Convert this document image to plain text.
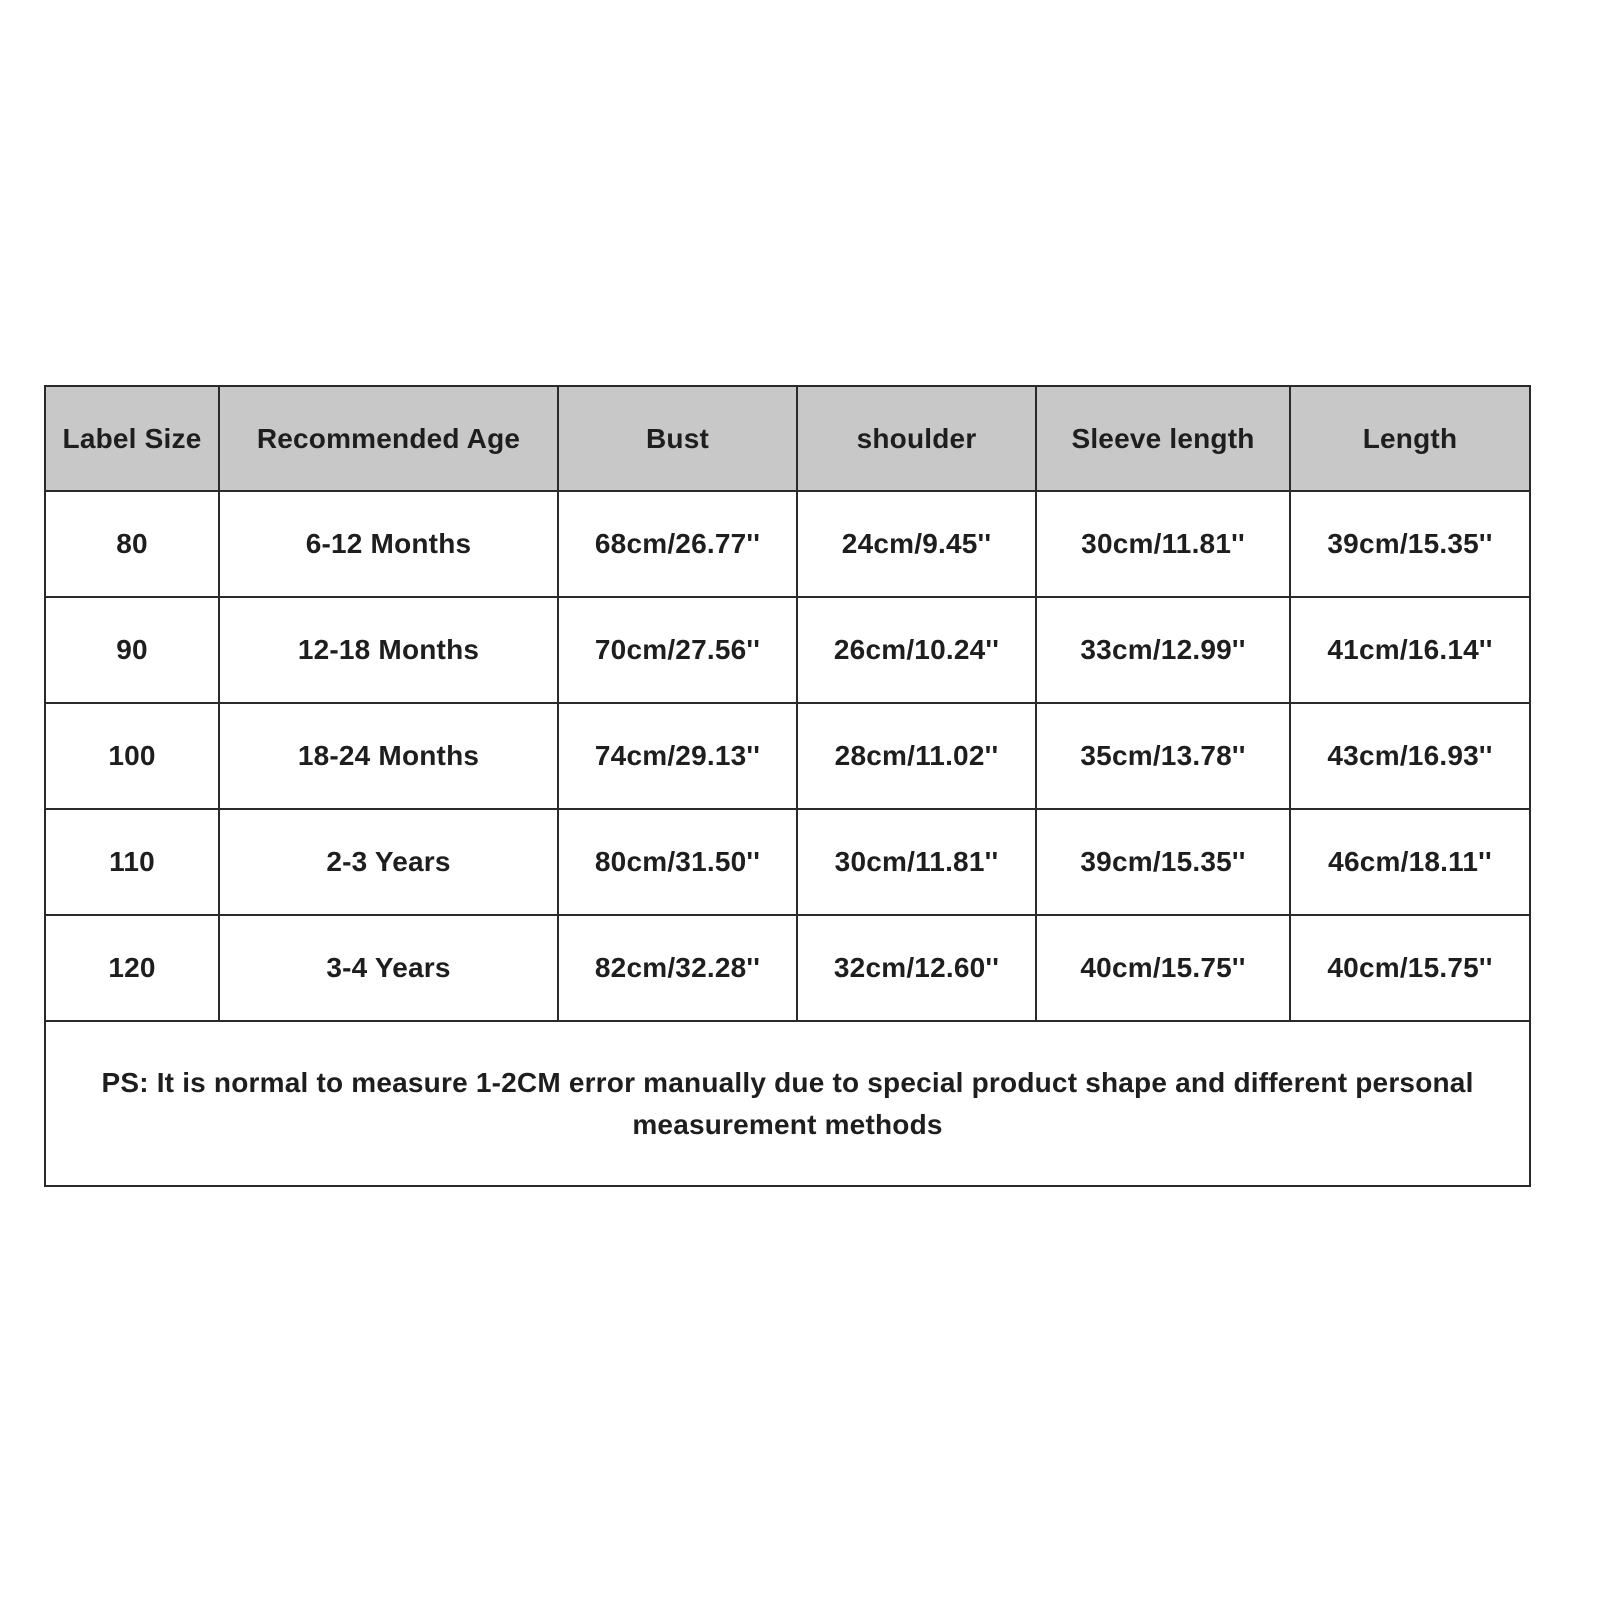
Label Size	Recommended Age	Bust	shoulder	Sleeve length	Length
80	6-12 Months	68cm/26.77''	24cm/9.45''	30cm/11.81''	39cm/15.35''
90	12-18 Months	70cm/27.56''	26cm/10.24''	33cm/12.99''	41cm/16.14''
100	18-24 Months	74cm/29.13''	28cm/11.02''	35cm/13.78''	43cm/16.93''
110	2-3 Years	80cm/31.50''	30cm/11.81''	39cm/15.35''	46cm/18.11''
120	3-4 Years	82cm/32.28''	32cm/12.60''	40cm/15.75''	40cm/15.75''
PS: It is normal to measure 1-2CM error manually due to special product shape and different personal measurement methods					
